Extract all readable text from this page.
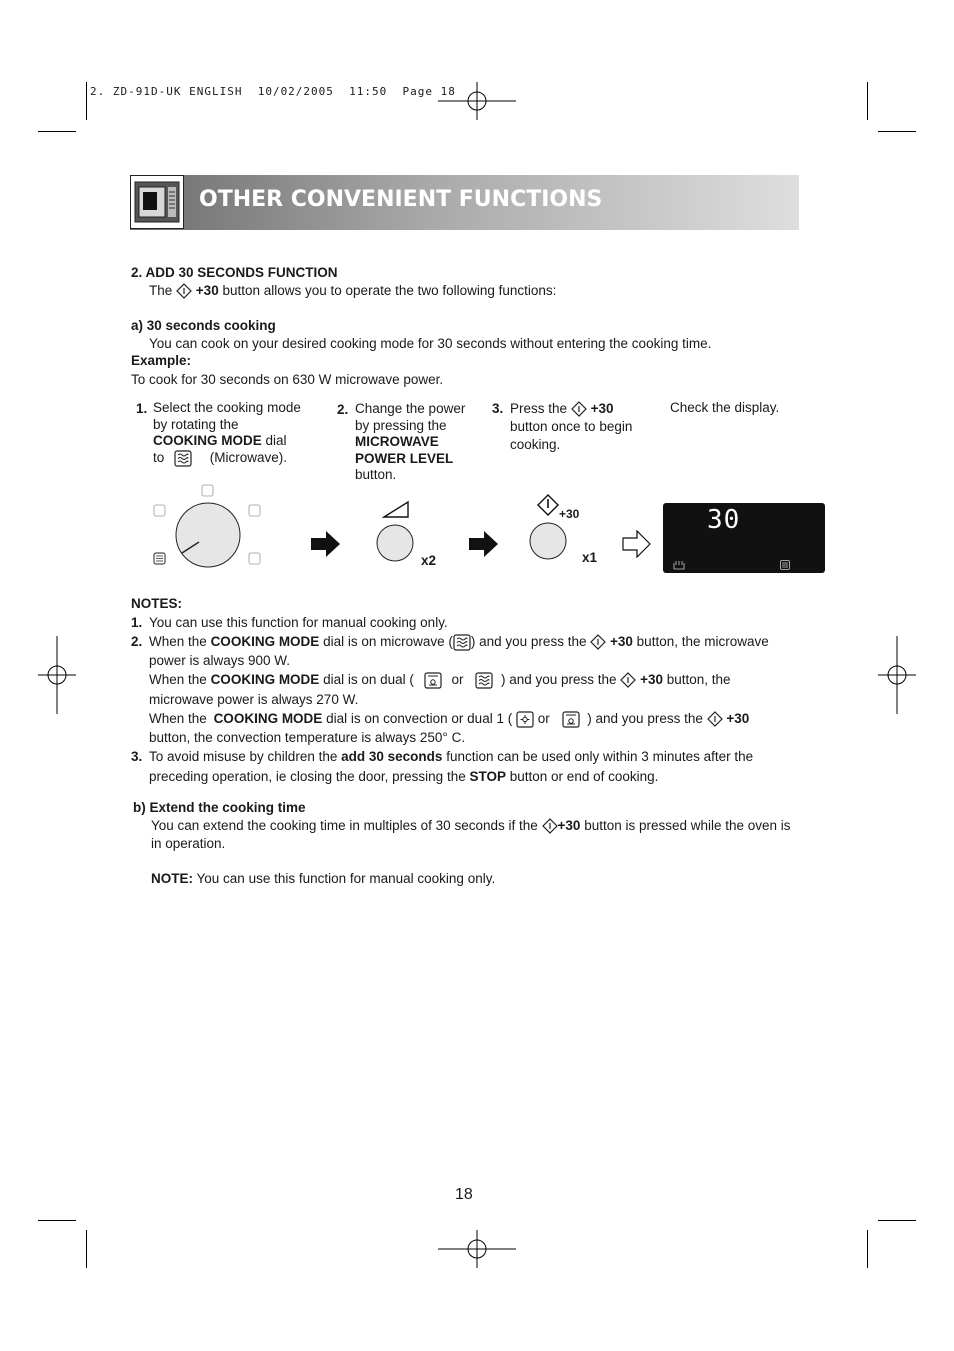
2. ZD-91D-UK ENGLISH  10/02/2005  11:50  Page 18
OTHER CONVENIENT FUNCTIONS
2. ADD 30 SECONDS FUNCTION
The +30 button allows you to operate the two following functions:
a) 30 seconds cooking
You can cook on your desired cooking mode for 30 seconds without entering the cooking time.
Example:
To cook for 30 seconds on 630 W microwave power.
1. Select the cooking mode
by rotating the
COOKING MODE dial
to	(Microwave).
2. Change the power
by pressing the
MICROWAVE
POWER LEVEL
button.
3. Press the +30
button once to begin
cooking.
Check the display.
x2
+30
x1
30
NOTES:
1. You can use this function for manual cooking only.
2. When the COOKING MODE dial is on microwave ( ) and you press the +30 button, the microwave
power is always 900 W.
When the COOKING MODE dial is on dual (	or	) and you press the +30 button, the
microwave power is always 270 W.
When the COOKING MODE dial is on convection or dual 1 ( or	) and you press the +30
button, the convection temperature is always 250° C.
3. To avoid misuse by children the add 30 seconds function can be used only within 3 minutes after the
preceding operation, ie closing the door, pressing the STOP button or end of cooking.
b) Extend the cooking time
You can extend the cooking time in multiples of 30 seconds if the +30 button is pressed while the oven is
in operation.
NOTE: You can use this function for manual cooking only.
18
